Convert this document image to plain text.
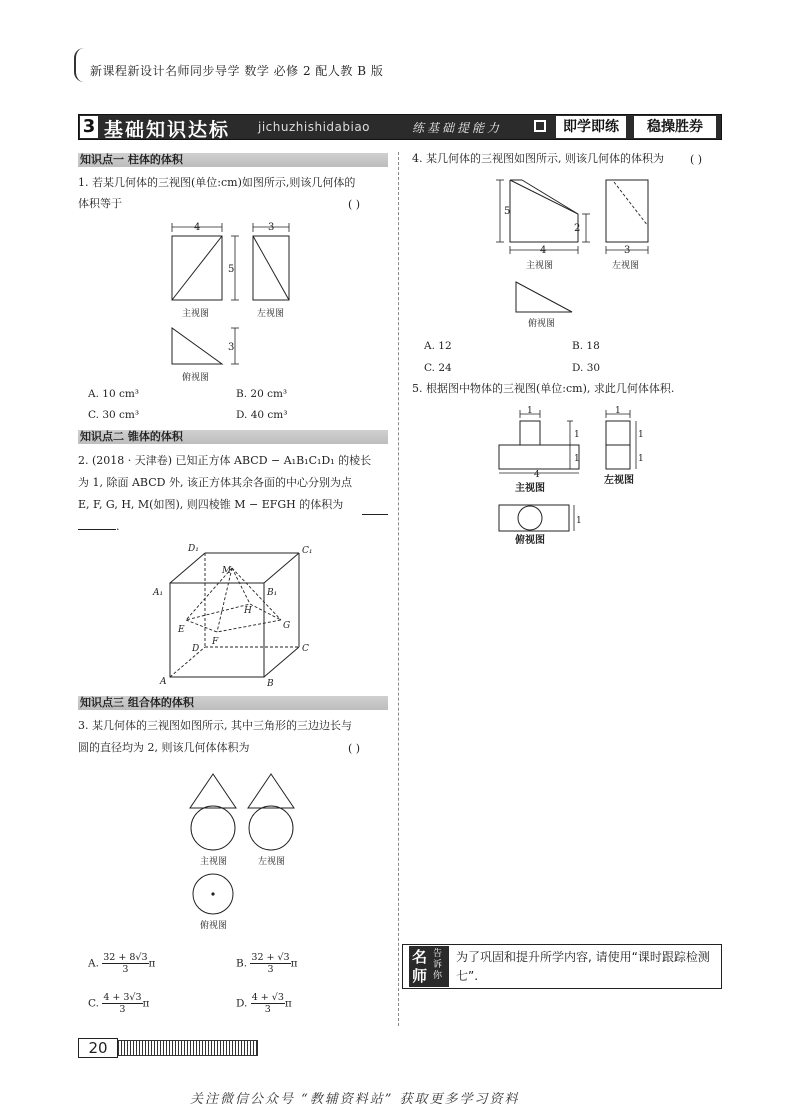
新课程新设计名师同步导学 数学 必修 2 配人教 B 版
3 基础知识达标 jichuzhishidabiao	练基础提能力	即学即练	稳操胜券
知识点一 柱体的体积
1. 若某几何体的三视图(单位:cm)如图所示,则该几何体的
体积等于	( )
4	3
5
3
主视图	左视图
俯视图
A. 10 cm³	B. 20 cm³
C. 30 cm³	D. 40 cm³
知识点二 锥体的体积
2. (2018 · 天津卷) 已知正方体 ABCD − A₁B₁C₁D₁ 的棱长
为 1, 除面 ABCD 外, 该正方体其余各面的中心分别为点
E, F, G, H, M(如图), 则四棱锥 M − EFGH 的体积为
.
D₁	C₁
A₁	B₁
M
H
E
F
G
D	C
A	B
知识点三 组合体的体积
3. 某几何体的三视图如图所示, 其中三角形的三边边长与
圆的直径均为 2, 则该几何体体积为	( )
主视图	左视图
俯视图
A. $\frac{32 + 8√3}{3}$ π	B. $\frac{32 + √3}{3}$ π
C. $\frac{4 + 3√3}{3}$ π	D. $\frac{4 + √3}{3}$ π
4. 某几何体的三视图如图所示, 则该几何体的体积为 ( )
5
2
4	3
主视图	左视图
俯视图
A. 12	B. 18
C. 24	D. 30
5. 根据图中物体的三视图(单位:cm), 求此几何体体积.
1
1
1
1
1
1
1
4
主视图
左视图
俯视图
名
师
告诉你
为了巩固和提升所学内容, 请使用“课时跟踪检测七”.
20
关注微信公众号 “教辅资料站” 获取更多学习资料
